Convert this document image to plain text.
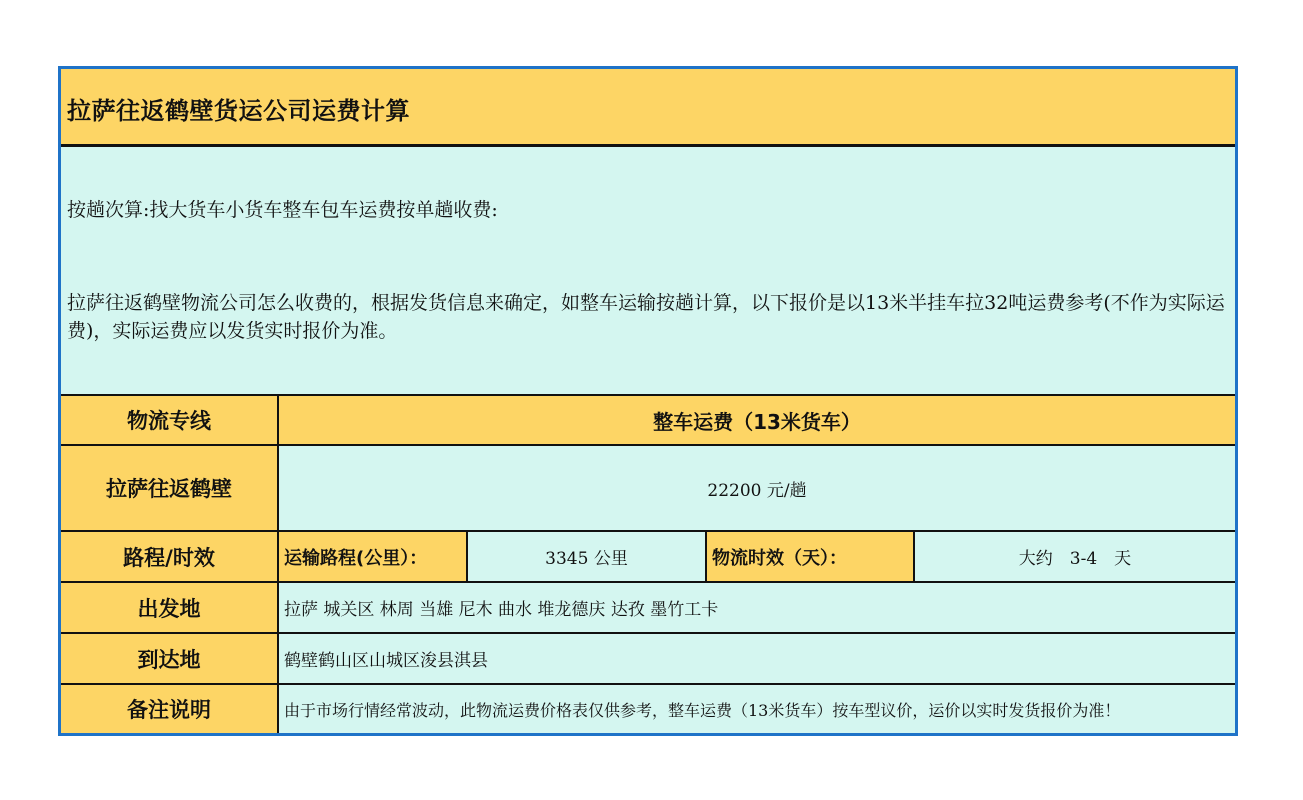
拉萨往返鹤壁货运公司运费计算
按趟次算:找大货车小货车整车包车运费按单趟收费:
拉萨往返鹤壁物流公司怎么收费的，根据发货信息来确定，如整车运输按趟计算，以下报价是以13米半挂车拉32吨运费参考(不作为实际运费)，实际运费应以发货实时报价为准。
物流专线	整车运费（13米货车）
拉萨往返鹤壁	22200 元/趟
路程/时效	运输路程(公里）：	3345 公里	物流时效（天）：	大约　3-4　天
出发地	拉萨 城关区 林周 当雄 尼木 曲水 堆龙德庆 达孜 墨竹工卡
到达地	鹤壁鹤山区山城区浚县淇县
备注说明	由于市场行情经常波动，此物流运费价格表仅供参考，整车运费（13米货车）按车型议价，运价以实时发货报价为准！
